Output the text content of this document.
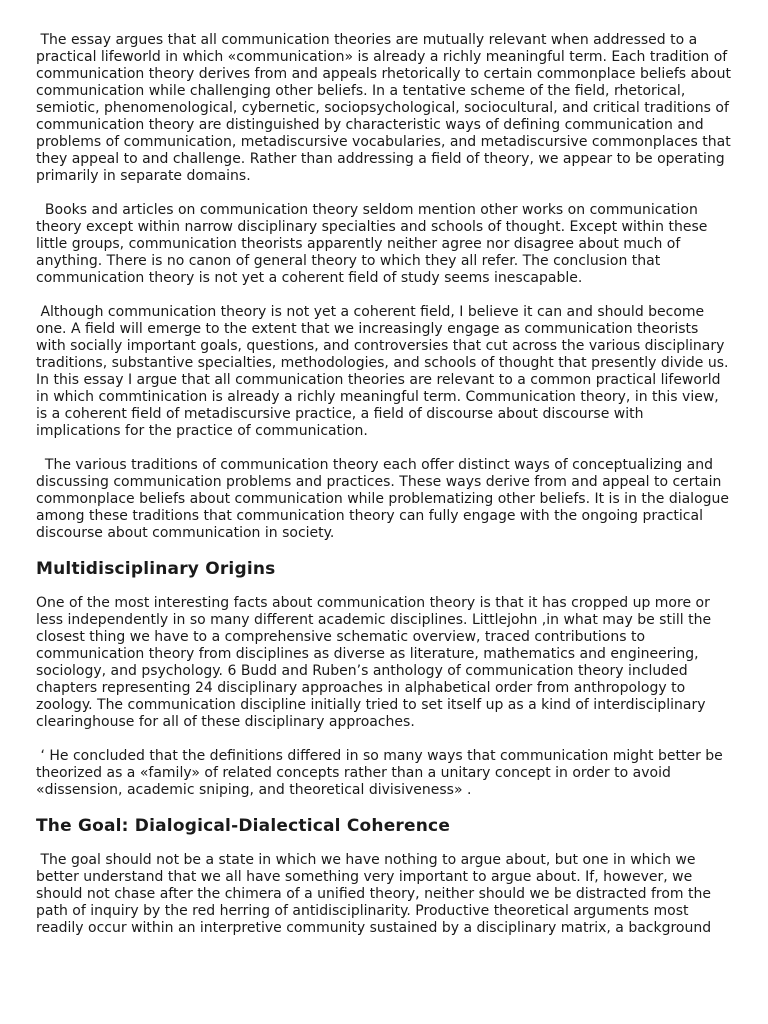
The essay argues that all communication theories are mutually relevant when addressed to a practical lifeworld in which «communication» is already a richly meaningful term. Each tradition of communication theory derives from and appeals rhetorically to certain commonplace beliefs about communication while challenging other beliefs. In a tentative scheme of the field, rhetorical, semiotic, phenomenological, cybernetic, sociopsychological, sociocultural, and critical traditions of communication theory are distinguished by characteristic ways of defining communication and problems of communication, metadiscursive vocabularies, and metadiscursive commonplaces that they appeal to and challenge. Rather than addressing a field of theory, we appear to be operating primarily in separate domains.

Books and articles on communication theory seldom mention other works on communication theory except within narrow disciplinary specialties and schools of thought. Except within these little groups, communication theorists apparently neither agree nor disagree about much of anything. There is no canon of general theory to which they all refer. The conclusion that communication theory is not yet a coherent field of study seems inescapable.

Although communication theory is not yet a coherent field, I believe it can and should become one. A field will emerge to the extent that we increasingly engage as communication theorists with socially important goals, questions, and controversies that cut across the various disciplinary traditions, substantive specialties, methodologies, and schools of thought that presently divide us. In this essay I argue that all communication theories are relevant to a common practical lifeworld in which commtinication is already a richly meaningful term. Communication theory, in this view, is a coherent field of metadiscursive practice, a field of discourse about discourse with implications for the practice of communication.

The various traditions of communication theory each offer distinct ways of conceptualizing and discussing communication problems and practices. These ways derive from and appeal to certain commonplace beliefs about communication while problematizing other beliefs. It is in the dialogue among these traditions that communication theory can fully engage with the ongoing practical discourse about communication in society.

Multidisciplinary Origins

One of the most interesting facts about communication theory is that it has cropped up more or less independently in so many different academic disciplines. Littlejohn ,in what may be still the closest thing we have to a comprehensive schematic overview, traced contributions to communication theory from disciplines as diverse as literature, mathematics and engineering, sociology, and psychology. 6 Budd and Ruben’s anthology of communication theory included chapters representing 24 disciplinary approaches in alphabetical order from anthropology to zoology. The communication discipline initially tried to set itself up as a kind of interdisciplinary clearinghouse for all of these disciplinary approaches.

‘ He concluded that the definitions differed in so many ways that communication might better be theorized as a «family» of related concepts rather than a unitary concept in order to avoid «dissension, academic sniping, and theoretical divisiveness» .

The Goal: Dialogical-Dialectical Coherence

The goal should not be a state in which we have nothing to argue about, but one in which we better understand that we all have something very important to argue about. If, however, we should not chase after the chimera of a unified theory, neither should we be distracted from the path of inquiry by the red herring of antidisciplinarity. Productive theoretical arguments most readily occur within an interpretive community sustained by a disciplinary matrix, a background
